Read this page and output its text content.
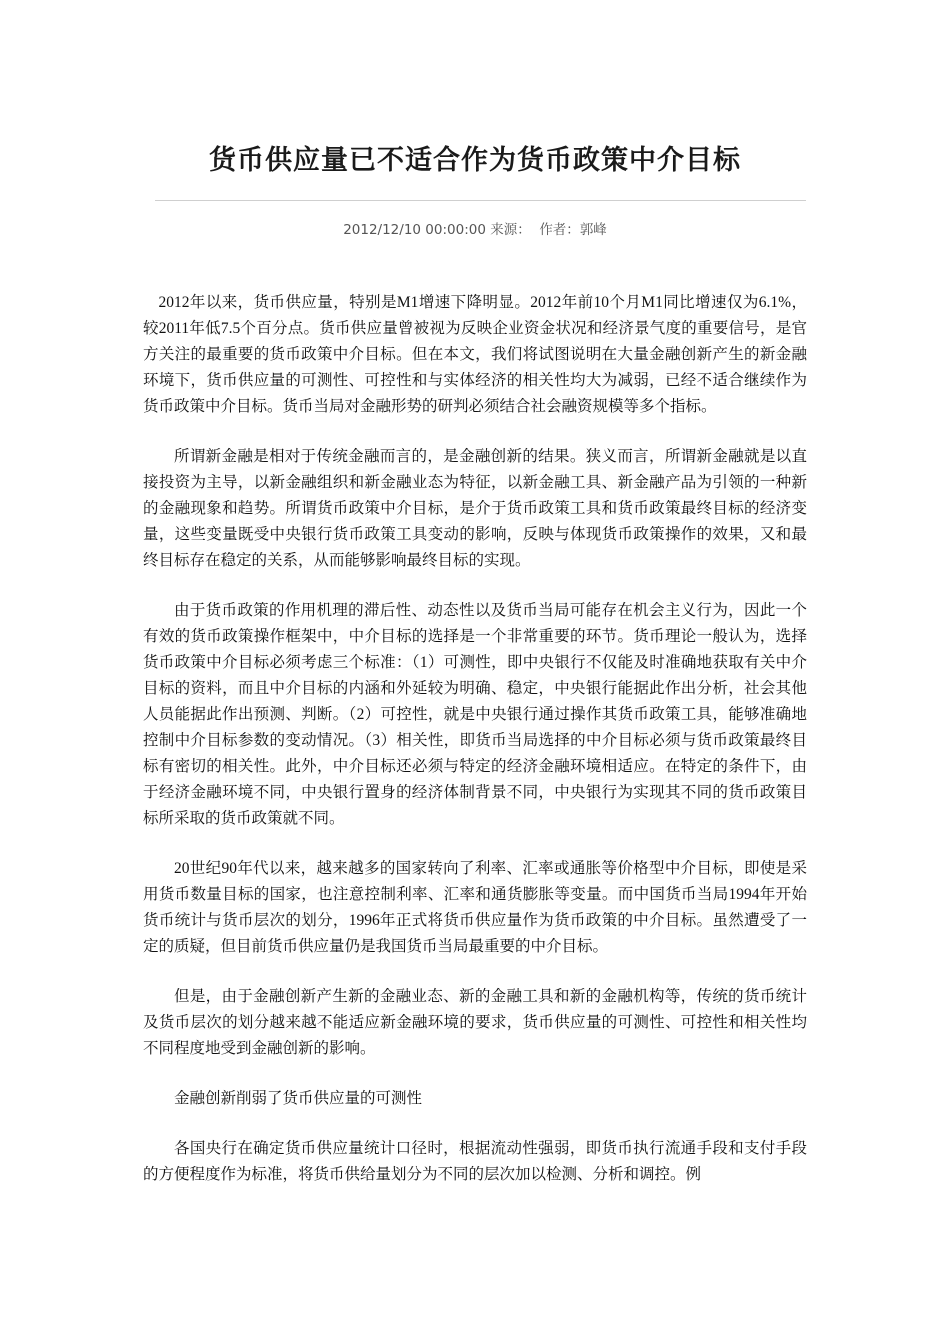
货币供应量已不适合作为货币政策中介目标
2012/12/10 00:00:00 来源： 作者：郭峰

2012年以来，货币供应量，特别是M1增速下降明显。2012年前10个月M1同比增速仅为6.1%，较2011年低7.5个百分点。货币供应量曾被视为反映企业资金状况和经济景气度的重要信号，是官方关注的最重要的货币政策中介目标。但在本文，我们将试图说明在大量金融创新产生的新金融环境下，货币供应量的可测性、可控性和与实体经济的相关性均大为减弱，已经不适合继续作为货币政策中介目标。货币当局对金融形势的研判必须结合社会融资规模等多个指标。

所谓新金融是相对于传统金融而言的，是金融创新的结果。狭义而言，所谓新金融就是以直接投资为主导，以新金融组织和新金融业态为特征，以新金融工具、新金融产品为引领的一种新的金融现象和趋势。所谓货币政策中介目标，是介于货币政策工具和货币政策最终目标的经济变量，这些变量既受中央银行货币政策工具变动的影响，反映与体现货币政策操作的效果，又和最终目标存在稳定的关系，从而能够影响最终目标的实现。

由于货币政策的作用机理的滞后性、动态性以及货币当局可能存在机会主义行为，因此一个有效的货币政策操作框架中，中介目标的选择是一个非常重要的环节。货币理论一般认为，选择货币政策中介目标必须考虑三个标准：（1）可测性，即中央银行不仅能及时准确地获取有关中介目标的资料，而且中介目标的内涵和外延较为明确、稳定，中央银行能据此作出分析，社会其他人员能据此作出预测、判断。（2）可控性，就是中央银行通过操作其货币政策工具，能够准确地控制中介目标参数的变动情况。（3）相关性，即货币当局选择的中介目标必须与货币政策最终目标有密切的相关性。此外，中介目标还必须与特定的经济金融环境相适应。在特定的条件下，由于经济金融环境不同，中央银行置身的经济体制背景不同，中央银行为实现其不同的货币政策目标所采取的货币政策就不同。

20世纪90年代以来，越来越多的国家转向了利率、汇率或通胀等价格型中介目标，即使是采用货币数量目标的国家，也注意控制利率、汇率和通货膨胀等变量。而中国货币当局1994年开始货币统计与货币层次的划分，1996年正式将货币供应量作为货币政策的中介目标。虽然遭受了一定的质疑，但目前货币供应量仍是我国货币当局最重要的中介目标。

但是，由于金融创新产生新的金融业态、新的金融工具和新的金融机构等，传统的货币统计及货币层次的划分越来越不能适应新金融环境的要求，货币供应量的可测性、可控性和相关性均不同程度地受到金融创新的影响。

金融创新削弱了货币供应量的可测性

各国央行在确定货币供应量统计口径时，根据流动性强弱，即货币执行流通手段和支付手段的方便程度作为标准，将货币供给量划分为不同的层次加以检测、分析和调控。例
